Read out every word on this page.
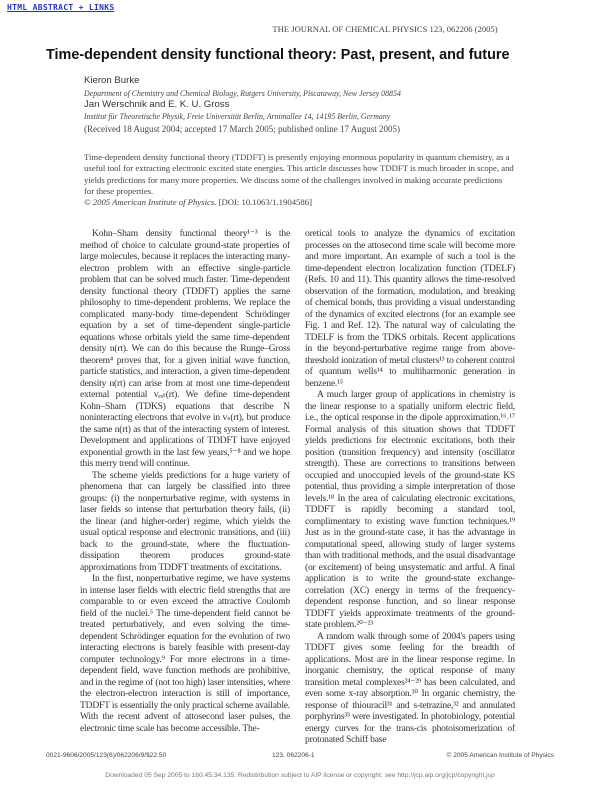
HTML ABSTRACT + LINKS
THE JOURNAL OF CHEMICAL PHYSICS 123, 062206 (2005)
Time-dependent density functional theory: Past, present, and future
Kieron Burke
Department of Chemistry and Chemical Biology, Rutgers University, Piscataway, New Jersey 08854
Jan Werschnik and E. K. U. Gross
Institut für Theoretische Physik, Freie Universität Berlin, Arnimallee 14, 14195 Berlin, Germany
(Received 18 August 2004; accepted 17 March 2005; published online 17 August 2005)
Time-dependent density functional theory (TDDFT) is presently enjoying enormous popularity in quantum chemistry, as a useful tool for extracting electronic excited state energies. This article discusses how TDDFT is much broader in scope, and yields predictions for many more properties. We discuss some of the challenges involved in making accurate predictions for these properties.
© 2005 American Institute of Physics. [DOI: 10.1063/1.1904586]

Kohn–Sham density functional theory¹⁻³ is the method of choice to calculate ground-state properties of large molecules, because it replaces the interacting many-electron problem with an effective single-particle problem that can be solved much faster. Time-dependent density functional theory (TDDFT) applies the same philosophy to time-dependent problems. We replace the complicated many-body time-dependent Schrödinger equation by a set of time-dependent single-particle equations whose orbitals yield the same time-dependent density n(rt). We can do this because the Runge–Gross theorem⁴ proves that, for a given initial wave function, particle statistics, and interaction, a given time-dependent density n(rt) can arise from at most one time-dependent external potential vₑₓₜ(rt). We define time-dependent Kohn–Sham (TDKS) equations that describe N noninteracting electrons that evolve in vₛ(rt), but produce the same n(rt) as that of the interacting system of interest. Development and applications of TDDFT have enjoyed exponential growth in the last few years,⁵⁻⁸ and we hope this merry trend will continue.

The scheme yields predictions for a huge variety of phenomena that can largely be classified into three groups: (i) the nonperturbative regime, with systems in laser fields so intense that perturbation theory fails, (ii) the linear (and higher-order) regime, which yields the usual optical response and electronic transitions, and (iii) back to the ground-state, where the fluctuation-dissipation theorem produces ground-state approximations from TDDFT treatments of excitations.

In the first, nonperturbative regime, we have systems in intense laser fields with electric field strengths that are comparable to or even exceed the attractive Coulomb field of the nuclei.⁵ The time-dependent field cannot be treated perturbatively, and even solving the time-dependent Schrödinger equation for the evolution of two interacting electrons is barely feasible with present-day computer technology.⁹ For more electrons in a time-dependent field, wave function methods are prohibitive, and in the regime of (not too high) laser intensities, where the electron-electron interaction is still of importance, TDDFT is essentially the only practical scheme available. With the recent advent of attosecond laser pulses, the electronic time scale has become accessible. The-

oretical tools to analyze the dynamics of excitation processes on the attosecond time scale will become more and more important. An example of such a tool is the time-dependent electron localization function (TDELF) (Refs. 10 and 11). This quantity allows the time-resolved observation of the formation, modulation, and breaking of chemical bonds, thus providing a visual understanding of the dynamics of excited electrons (for an example see Fig. 1 and Ref. 12). The natural way of calculating the TDELF is from the TDKS orbitals. Recent applications in the beyond-perturbative regime range from above-threshold ionization of metal clusters¹³ to coherent control of quantum wells¹⁴ to multiharmonic generation in benzene.¹⁵

A much larger group of applications in chemistry is the linear response to a spatially uniform electric field, i.e., the optical response in the dipole approximation.¹⁶˒¹⁷ Formal analysis of this situation shows that TDDFT yields predictions for electronic excitations, both their position (transition frequency) and intensity (oscillator strength). These are corrections to transitions between occupied and unoccupied levels of the ground-state KS potential, thus providing a simple interpretation of those levels.¹⁸ In the area of calculating electronic excitations, TDDFT is rapidly becoming a standard tool, complimentary to existing wave function techniques.¹⁹ Just as in the ground-state case, it has the advantage in computational speed, allowing study of larger systems than with traditional methods, and the usual disadvantage (or excitement) of being unsystematic and artful. A final application is to write the ground-state exchange-correlation (XC) energy in terms of the frequency-dependent response function, and so linear response TDDFT yields approximate treatments of the ground-state problem.²⁰⁻²³

A random walk through some of 2004's papers using TDDFT gives some feeling for the breadth of applications. Most are in the linear response regime. In inorganic chemistry, the optical response of many transition metal complexes²⁴⁻²⁹ has been calculated, and even some x-ray absorption.³⁰ In organic chemistry, the response of thiouracil³¹ and s-tetrazine,³² and annulated porphyrins³³ were investigated. In photobiology, potential energy curves for the trans-cis photoisomerization of protonated Schiff base

0021-9606/2005/123(6)/062206/9/$22.50	123, 062206-1	© 2005 American Institute of Physics
Downloaded 05 Sep 2005 to 160.45.34.135. Redistribution subject to AIP license or copyright, see http://jcp.aip.org/jcp/copyright.jsp
